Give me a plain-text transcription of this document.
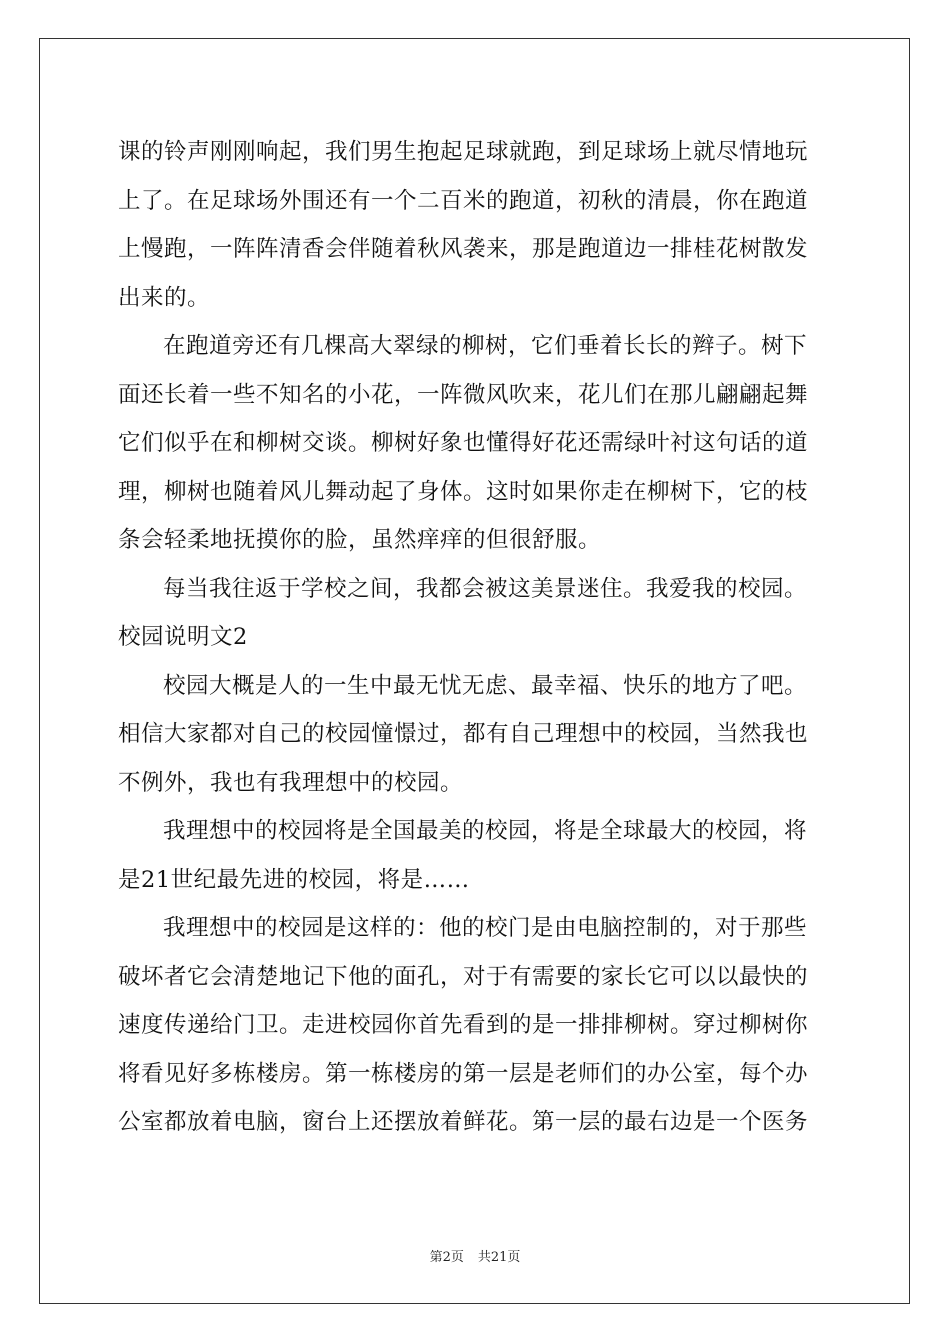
课的铃声刚刚响起，我们男生抱起足球就跑，到足球场上就尽情地玩
上了。在足球场外围还有一个二百米的跑道，初秋的清晨，你在跑道
上慢跑，一阵阵清香会伴随着秋风袭来，那是跑道边一排桂花树散发
出来的。
在跑道旁还有几棵高大翠绿的柳树，它们垂着长长的辫子。树下
面还长着一些不知名的小花，一阵微风吹来，花儿们在那儿翩翩起舞
它们似乎在和柳树交谈。柳树好象也懂得好花还需绿叶衬这句话的道
理，柳树也随着风儿舞动起了身体。这时如果你走在柳树下，它的枝
条会轻柔地抚摸你的脸，虽然痒痒的但很舒服。
每当我往返于学校之间，我都会被这美景迷住。我爱我的校园。
校园说明文2
校园大概是人的一生中最无忧无虑、最幸福、快乐的地方了吧。
相信大家都对自己的校园憧憬过，都有自己理想中的校园，当然我也
不例外，我也有我理想中的校园。
我理想中的校园将是全国最美的校园，将是全球最大的校园，将
是21世纪最先进的校园，将是……
我理想中的校园是这样的：他的校门是由电脑控制的，对于那些
破坏者它会清楚地记下他的面孔，对于有需要的家长它可以以最快的
速度传递给门卫。走进校园你首先看到的是一排排柳树。穿过柳树你
将看见好多栋楼房。第一栋楼房的第一层是老师们的办公室，每个办
公室都放着电脑，窗台上还摆放着鲜花。第一层的最右边是一个医务
第2页 共21页
